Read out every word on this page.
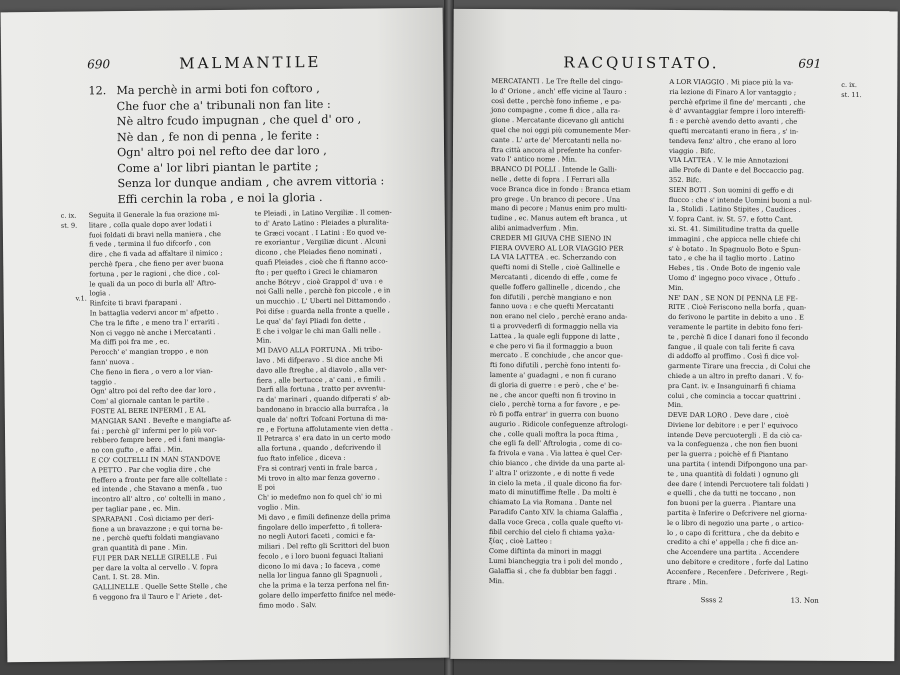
690	MALMANTILE
12. Ma perchè in armi boti fon coftoro ,
Che fuor che a' tribunali non fan lite :
Nè altro fcudo impugnan , che quel d' oro ,
Nè dan , fe non di penna , le ferite :
Ogn' altro poi nel refto dee dar loro ,
Come a' lor libri piantan le partite ;
Senza lor dunque andiam , che avrem vittoria :
Effi cerchin la roba , e noi la gloria .
c. ix.
st. 9.
v.1.

Seguita il Generale la fua orazione mi-

litare , colla quale dopo aver lodati i

fuoi foldati di bravi nella maniera , che

fi vede , termina il fuo difcorfo , con

dire , che fi vada ad affaltare il nimico ;

perchè fpera , che fieno per aver buona

fortuna , per le ragioni , che dice , col-

le quali da un poco di burla all' Aftro-

logia .

Rinfcite ti bravi fparapani .

In battaglia vedervi ancor m' afpetto .

Che tra le fifte , e meno tra l' errariti .

Non ci veggo nè anche i Mercatanti .

Ma diffi poi fra me , ec.

Perocch' e' mangian troppo , e non

fann' nuova .

Che fieno in fiera , o vero a lor vian-

taggio .

Ogn' altro poi del refto dee dar loro ,

Com' al giornale cantan le partite .

FOSTE AL BERE INFERMI , E AL

MANGIAR SANI . Bevefte e mangiafte af-

fai ; perchè gl' infermi per lo più vor-

rebbero fempre bere , ed i fani mangia-

no con gufto , e affai . Min.

E CO' COLTELLI IN MAN STANDOVE

A PETTO . Par che voglia dire , che

fteffero a fronte per fare alle coltellate :

ed intende , che Stavano a menfa , tuo

incontro all' altro , co' coltelli in mano ,

per tagliar pane , ec. Min.

SPARAPANI . Così diciamo per deri-

fione a un bravazzone ; e qui torna be-

ne , perchè quefti foldati mangiavano

gran quantità di pane . Min.

FUI PER DAR NELLE GIRELLE . Fui

per dare la volta al cervello . V. fopra

Cant. I. St. 28. Min.

GALLINELLE . Quelle Sette Stelle , che

fi veggono fra il Tauro e l' Ariete , det-

te Pleiadi , in Latino Vergiliæ . Il comen-

to d' Arato Latino : Pleiades a pluralita-

te Græci vocant . I Latini : Eo quod ve-

re exoriantur , Vergiliæ dicunt . Alcuni

dicono , che Pleiades fieno nominati ,

quafi Pleiades , cioè che fi ftanno acco-

fto ; per quefto i Greci le chiamaron

anche Bótryv , cioè Grappol d' uva : e

noi Galli nelle , perchè fon piccole , e in

un mucchio . L' Uberti nel Dittamondo .

Poi difse : guarda nella fronte a quelle ,

Le qua' da' fayi Pliadi fon dette ,

E che i volgar le chi man Galli nelle .

Min.

MI DAVO ALLA FORTUNA . Mi tribo-

lavo . Mi difperavo . Si dice anche Mi

davo alle ftreghe , al diavolo , alla ver-

fiera , alle bertucce , a' cani , e fimili .

Darfi alla fortuna , tratto per avventu-

ra da' marinari , quando difperati s' ab-

bandonano in braccio alla burrafca , la

quale da' noftri Tofcani Fortuna di ma-

re , e Fortuna affolutamente vien detta .

Il Petrarca s' era dato in un certo modo

alla fortuna , quando , defcrivendo il

fuo ftato infelice , diceva :

Fra si contrarj venti in frale barca ,

Mi trovo in alto mar fenza governo .

E poi

Ch' io medefmo non fo quel ch' io mi

voglio . Min.

Mi davo , e fimili definenze della prima

fingolare dello imperfetto , fi tollera-

no negli Autori faceti , comici e fa-

miliari . Del refto gli Scrittori del buon

fecolo , e i loro buoni feguaci Italiani

dicono Io mi dava ; Io faceva , come

nella lor lingua fanno gli Spagnuoli ,

che la prima e la terza perfona nel fin-

golare dello imperfetto finifce nel mede-

fimo modo . Salv.

RACQUISTATO.	691
c. ix.
st. 11.

MERCATANTI . Le Tre ftelle del cingo-

lo d' Orione , anch' effe vicine al Tauro :

così dette , perchè fono infieme , e pa-

jono compagne , come fi dice , alla ra-

gione . Mercatante dicevano gli antichi

quel che noi oggi più comunemente Mer-

cante . L' arte de' Mercatanti nella no-

ftra città ancora al prefente ha confer-

vato l' antico nome . Min.

BRANCO DI POLLI . Intende le Galli-

nelle , dette di fopra . I Ferrari alla

voce Branca dice in fondo : Branca etiam

pro grege . Un branco di pecore . Una

mano di pecore ; Manus enim pro multi-

tudine , ec. Manus autem eft branca , ut

alibi animadverfum . Min.

CREDER MI GIUVA CHE SIENO IN

FIERA OVVERO AL LOR VIAGGIO PER

LA VIA LATTEA . ec. Scherzando con

quefti nomi di Stelle , cioè Gallinelle e

Mercatanti , dicendo di effe , come fe

quelle foffero gallinelle , dicendo , che

fon difutili , perchè mangiano e non

fanno uova : e che quefti Mercatanti

non erano nel cielo , perchè erano anda-

ti a provvederfi di formaggio nella via

Lattea , la quale egli fuppone di latte ,

e che pero vi fia il formaggio a buon

mercato . E conchiude , che ancor que-

fti fono difutili , perchè fono intenti fo-

lamente a' guadagni , e non fi curano

di gloria di guerre : e però , che e' be-

ne , che ancor quefti non fi trovino in

cielo , perchè torna a for favore , e pe-

rò fi poffa entrar' in guerra con buono

augurio . Ridicole confeguenze aftrologi-

che , colle quali moftra la poca ftima ,

che egli fa dell' Aftrologia , come di co-

fa frivola e vana . Via lattea è quel Cer-

chio bianco , che divide da una parte al-

l' altra l' orizzonte , e di notte fi vede

in cielo la meta , il quale dicono fia for-

mato di minutiffime ftelle . Da molti è

chiamato La via Romana . Dante nel

Paradifo Canto XIV. la chiama Galaffia ,

dalla voce Greca , colla quale quefto vi-

fibil cerchio del cielo fi chiama γαλα-

ξίας , cioè Latteo :

Come diftinta da minori in maggi

Lumi biancheggia tra i poli del mondo ,

Galaffia sì , che fa dubbiar ben faggi .

Min.

A LOR VIAGGIO . Mi piace più la va-

ria lezione di Finaro A lor vantaggio ;

perchè efprime il fine de' mercanti , che

è d' avvantaggiar fempre i loro intereffi-

fi : e perchè avendo detto avanti , che

quefti mercatanti erano in fiera , s' in-

tendeva fenz' altro , che erano al loro

viaggio . Bifc.

VIA LATTEA . V. le mie Annotazioni

alle Profe di Dante e del Boccaccio pag.

352. Bifc.

SIEN BOTI . Son uomini di geffo e di

flucco : che s' intende Uomini buoni a nul-

la , Stolidi . Latino Stipites , Caudices .

V. fopra Cant. iv. St. 57. e fotto Cant.

xi. St. 41. Similitudine tratta da quelle

immagini , che appicca nelle chiefe chi

s' è botato . In Spagnuolo Boto e Spun-

tato , e che ha il taglio morto . Latino

Hebes , tis . Onde Boto de ingenio vale

Uomo d' ingegno poco vivace , Ottufo .

Min.

NE' DAN , SE NON DI PENNA LE FE-

RITE . Cioè Feriscono nella borfa , quan-

do ferivono le partite in debito a uno . E

veramente le partite in debito fono feri-

te , perchè fi dice I danari fono il fecondo

fangue , il quale con tali ferite fi cava

di addoffo al proffimo . Così fi dice vol-

garmente Tirare una freccia , di Colui che

chiede a un altro in prefto danari . V. fo-

pra Cant. iv. e Insanguinarfi fi chiama

colui , che comincia a toccar quattrini .

Min.

DEVE DAR LORO . Deve dare , cioè

Diviene lor debitore : e per l' equivoco

intende Deve percuotergli . E da ciò ca-

va la confeguenza , che non fien buoni

per la guerra ; poichè ef fi Piantano

una partita ( intendi Difpongono una par-

te , una quantità di foldati ) ognuno gli

dee dare ( intendi Percuotere tali foldati )

e quelli , che da tutti ne toccano , non

fon buoni per la guerra . Piantare una

partita è Inferire o Defcrivere nel giorna-

le o libro di negozio una parte , o artico-

lo , o capo di fcrittura , che da debito e

credito a chi e' appella ; che fi dice an-

che Accendere una partita . Accendere

uno debitore e creditore , forfe dal Latino

Accenfere , Recenfere . Defcrivere , Regi-

ftrare . Min.

Ssss 2	13. Non
